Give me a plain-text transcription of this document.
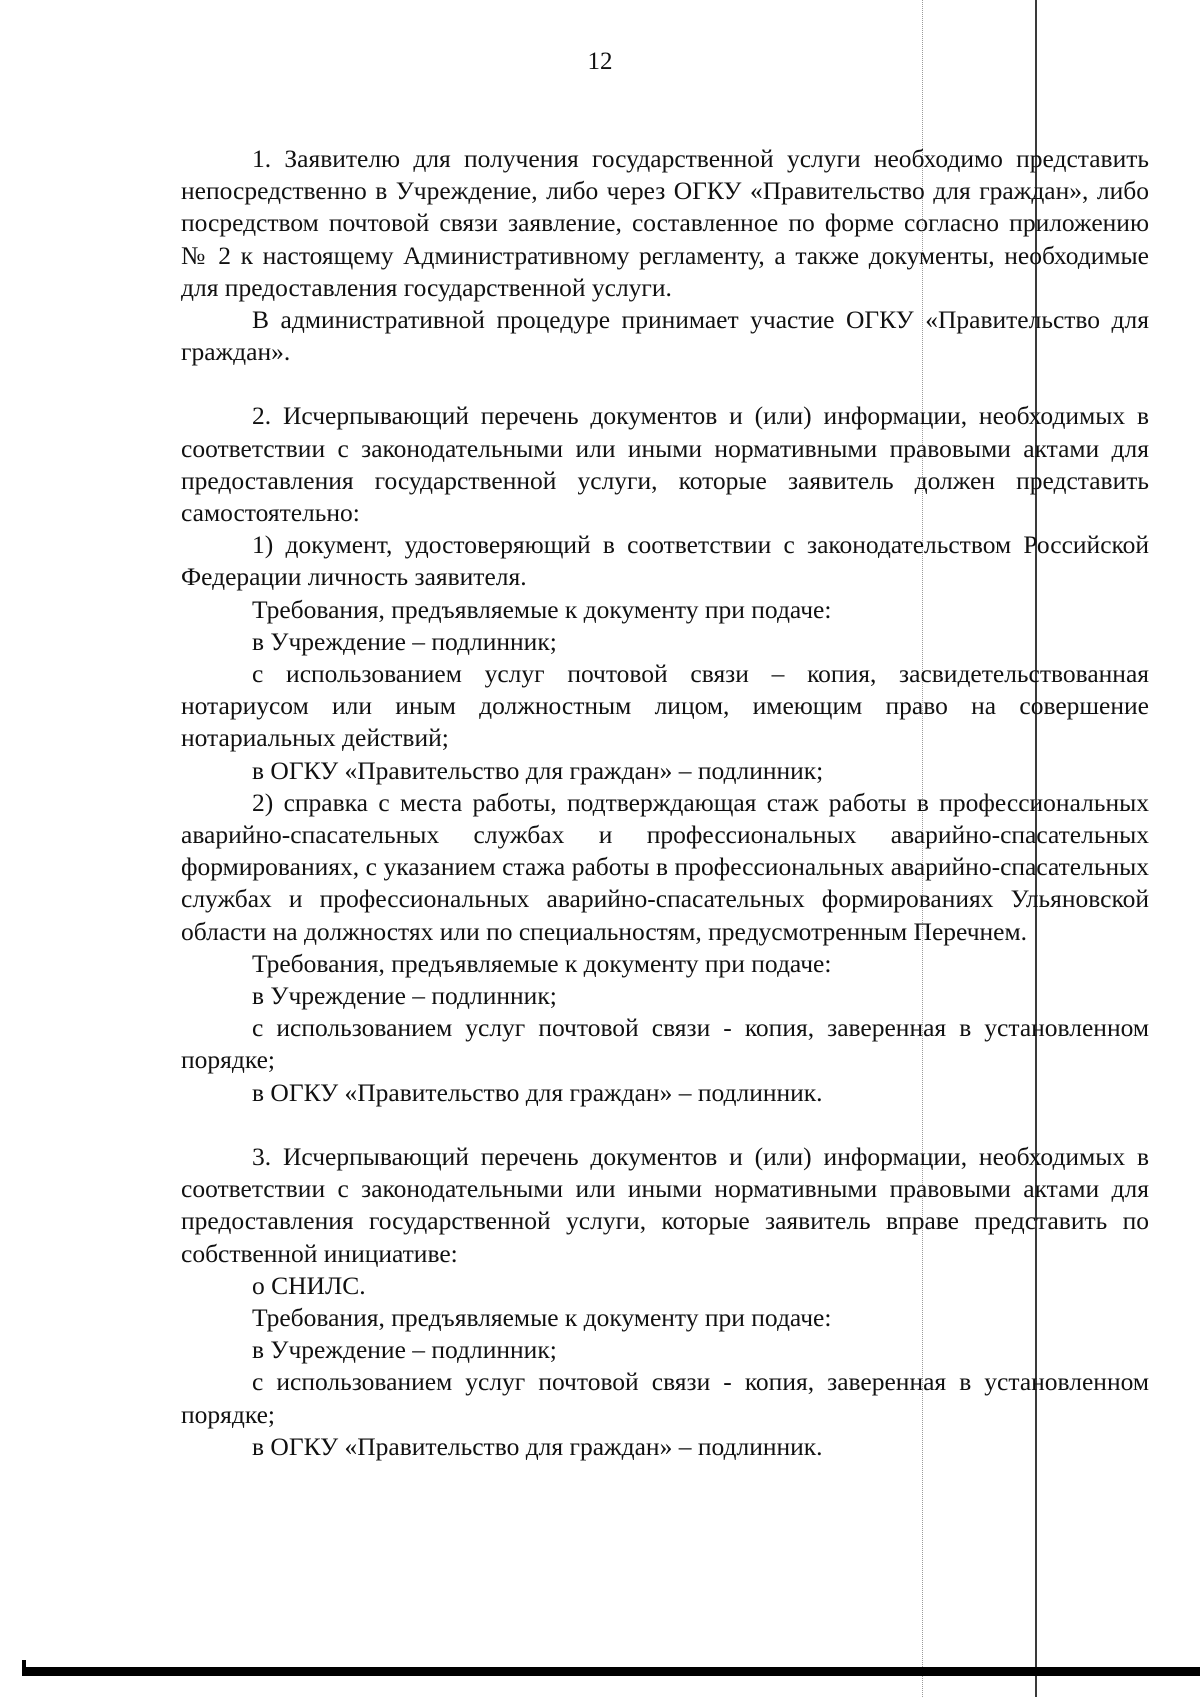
12

1. Заявителю для получения государственной услуги необходимо представить непосредственно в Учреждение, либо через ОГКУ «Правительство для граждан», либо посредством почтовой связи заявление, составленное по форме согласно приложению № 2 к настоящему Административному регламенту, а также документы, необходимые для предоставления государственной услуги.

В административной процедуре принимает участие ОГКУ «Правительство для граждан».

2. Исчерпывающий перечень документов и (или) информации, необходимых в соответствии с законодательными или иными нормативными правовыми актами для предоставления государственной услуги, которые заявитель должен представить самостоятельно:

1) документ, удостоверяющий в соответствии с законодательством Российской Федерации личность заявителя.

Требования, предъявляемые к документу при подаче:

в Учреждение – подлинник;

с использованием услуг почтовой связи – копия, засвидетельствованная нотариусом или иным должностным лицом, имеющим право на совершение нотариальных действий;

в ОГКУ «Правительство для граждан» – подлинник;

2) справка с места работы, подтверждающая стаж работы в профессиональных аварийно-спасательных службах и профессиональных аварийно-спасательных формированиях, с указанием стажа работы в профессиональных аварийно-спасательных службах и профессиональных аварийно-спасательных формированиях Ульяновской области на должностях или по специальностям, предусмотренным Перечнем.

Требования, предъявляемые к документу при подаче:

в Учреждение – подлинник;

с использованием услуг почтовой связи - копия, заверенная в установленном порядке;

в ОГКУ «Правительство для граждан» – подлинник.

3. Исчерпывающий перечень документов и (или) информации, необходимых в соответствии с законодательными или иными нормативными правовыми актами для предоставления государственной услуги, которые заявитель вправе представить по собственной инициативе:

о СНИЛС.

Требования, предъявляемые к документу при подаче:

в Учреждение – подлинник;

с использованием услуг почтовой связи - копия, заверенная в установленном порядке;

в ОГКУ «Правительство для граждан» – подлинник.
